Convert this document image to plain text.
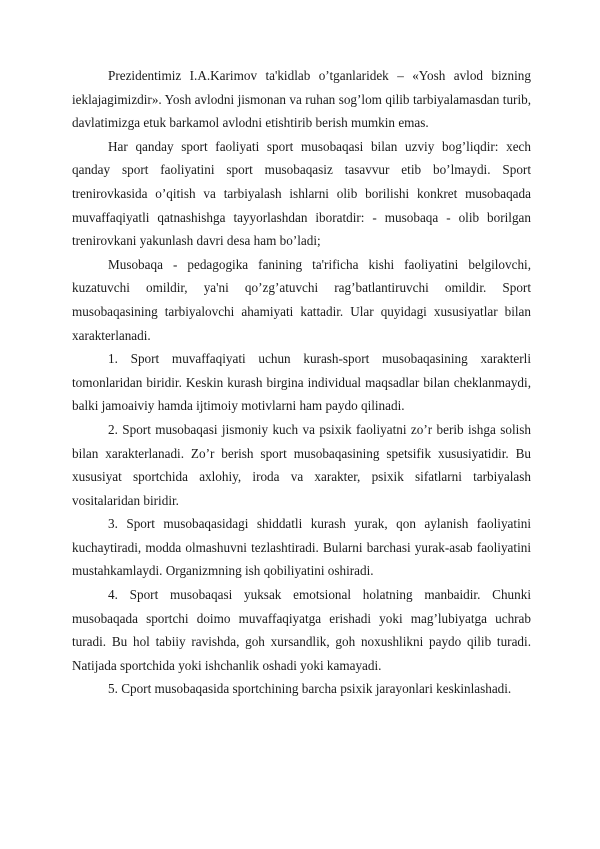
Prezidentimiz I.A.Karimov ta'kidlab o’tganlaridek – «Yosh avlod bizning ieklajagimizdir». Yosh avlodni jismonan va ruhan sog’lom qilib tarbiyalamasdan turib, davlatimizga etuk barkamol avlodni etishtirib berish mumkin emas.

Har qanday sport faoliyati sport musobaqasi bilan uzviy bog’liqdir: xech qanday sport faoliyatini sport musobaqasiz tasavvur etib bo’lmaydi. Sport trenirovkasida o’qitish va tarbiyalash ishlarni olib borilishi konkret musobaqada muvaffaqiyatli qatnashishga tayyorlashdan iboratdir: - musobaqa - olib borilgan trenirovkani yakunlash davri desa ham bo’ladi;

Musobaqa - pedagogika fanining ta'rificha kishi faoliyatini belgilovchi, kuzatuvchi omildir, ya'ni qo’zg’atuvchi rag’batlantiruvchi omildir. Sport musobaqasining tarbiyalovchi ahamiyati kattadir. Ular quyidagi xususiyatlar bilan xarakterlanadi.

1. Sport muvaffaqiyati uchun kurash-sport musobaqasining xarakterli tomonlaridan biridir. Keskin kurash birgina individual maqsadlar bilan cheklanmaydi, balki jamoaiviy hamda ijtimoiy motivlarni ham paydo qilinadi.

2. Sport musobaqasi jismoniy kuch va psixik faoliyatni zo’r berib ishga solish bilan xarakterlanadi. Zo’r berish sport musobaqasining spetsifik xususiyatidir. Bu xususiyat sportchida axlohiy, iroda va xarakter, psixik sifatlarni tarbiyalash vositalaridan biridir.

3. Sport musobaqasidagi shiddatli kurash yurak, qon aylanish faoliyatini kuchaytiradi, modda olmashuvni tezlashtiradi. Bularni barchasi yurak-asab faoliyatini mustahkamlaydi. Organizmning ish qobiliyatini oshiradi.

4. Sport musobaqasi yuksak emotsional holatning manbaidir. Chunki musobaqada sportchi doimo muvaffaqiyatga erishadi yoki mag’lubiyatga uchrab turadi. Bu hol tabiiy ravishda, goh xursandlik, goh noxushlikni paydo qilib turadi. Natijada sportchida yoki ishchanlik oshadi yoki kamayadi.

5. Cport musobaqasida sportchining barcha psixik jarayonlari keskinlashadi.
